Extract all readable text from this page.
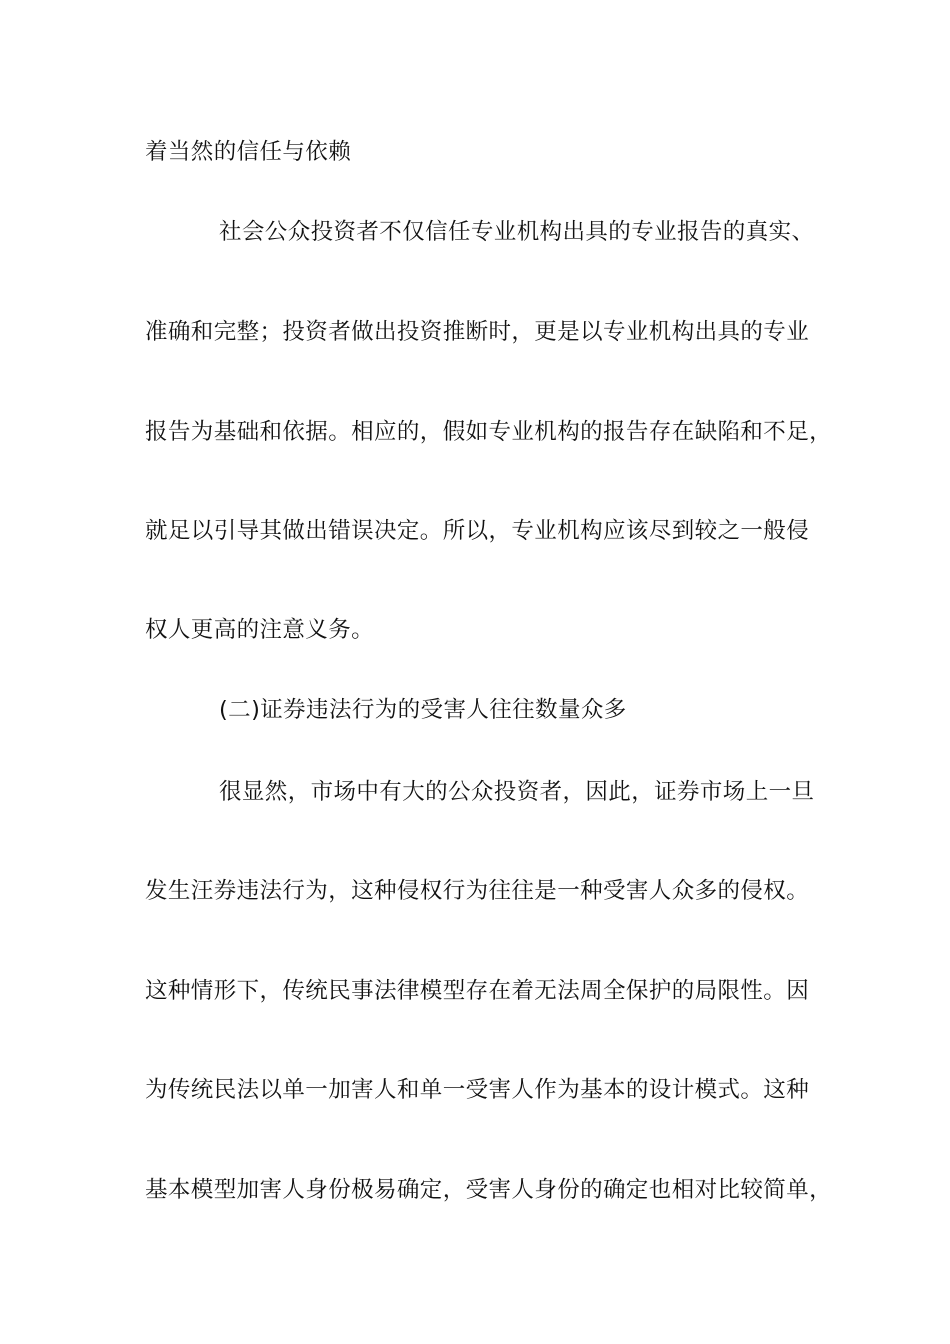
着当然的信任与依赖
社会公众投资者不仅信任专业机构出具的专业报告的真实、
准确和完整；投资者做出投资推断时，更是以专业机构出具的专业
报告为基础和依据。相应的，假如专业机构的报告存在缺陷和不足，
就足以引导其做出错误决定。所以，专业机构应该尽到较之一般侵
权人更高的注意义务。
(二)证券违法行为的受害人往往数量众多
很显然，市场中有大的公众投资者，因此，证券市场上一旦
发生汪券违法行为，这种侵权行为往往是一种受害人众多的侵权。
这种情形下，传统民事法律模型存在着无法周全保护的局限性。因
为传统民法以单一加害人和单一受害人作为基本的设计模式。这种
基本模型加害人身份极易确定，受害人身份的确定也相对比较简单，
